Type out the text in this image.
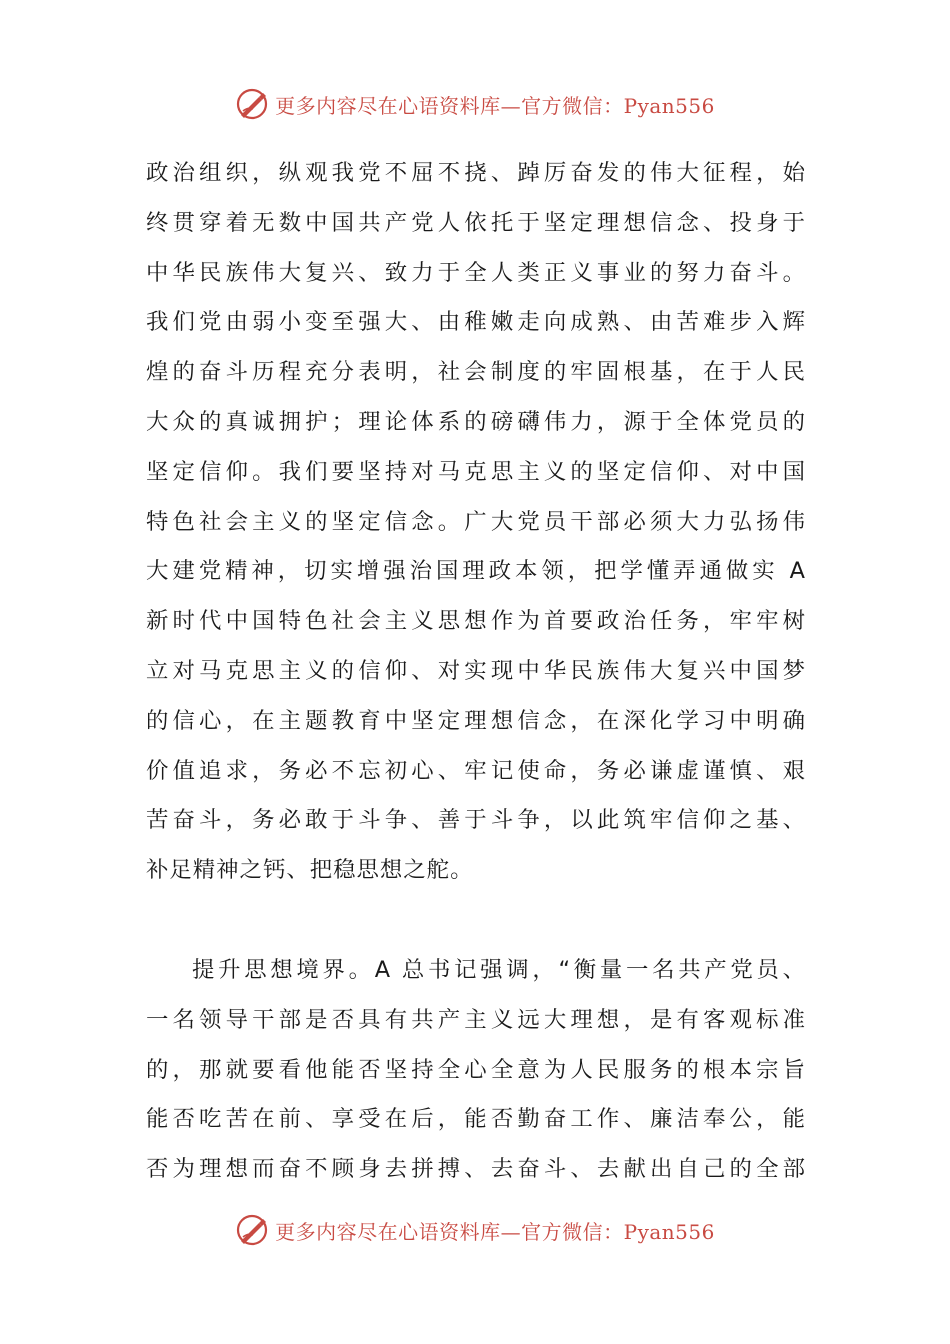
更多内容尽在心语资料库—官方微信：Pyan556
政治组织，纵观我党不屈不挠、踔厉奋发的伟大征程，始
终贯穿着无数中国共产党人依托于坚定理想信念、投身于
中华民族伟大复兴、致力于全人类正义事业的努力奋斗。
我们党由弱小变至强大、由稚嫩走向成熟、由苦难步入辉
煌的奋斗历程充分表明，社会制度的牢固根基，在于人民
大众的真诚拥护；理论体系的磅礴伟力，源于全体党员的
坚定信仰。我们要坚持对马克思主义的坚定信仰、对中国
特色社会主义的坚定信念。广大党员干部必须大力弘扬伟
大建党精神，切实增强治国理政本领，把学懂弄通做实 A
新时代中国特色社会主义思想作为首要政治任务，牢牢树
立对马克思主义的信仰、对实现中华民族伟大复兴中国梦
的信心，在主题教育中坚定理想信念，在深化学习中明确
价值追求，务必不忘初心、牢记使命，务必谦虚谨慎、艰
苦奋斗，务必敢于斗争、善于斗争，以此筑牢信仰之基、
补足精神之钙、把稳思想之舵。
提升思想境界。A 总书记强调，“衡量一名共产党员、
一名领导干部是否具有共产主义远大理想，是有客观标准
的，那就要看他能否坚持全心全意为人民服务的根本宗旨
能否吃苦在前、享受在后，能否勤奋工作、廉洁奉公，能
否为理想而奋不顾身去拼搏、去奋斗、去献出自己的全部
更多内容尽在心语资料库—官方微信：Pyan556
